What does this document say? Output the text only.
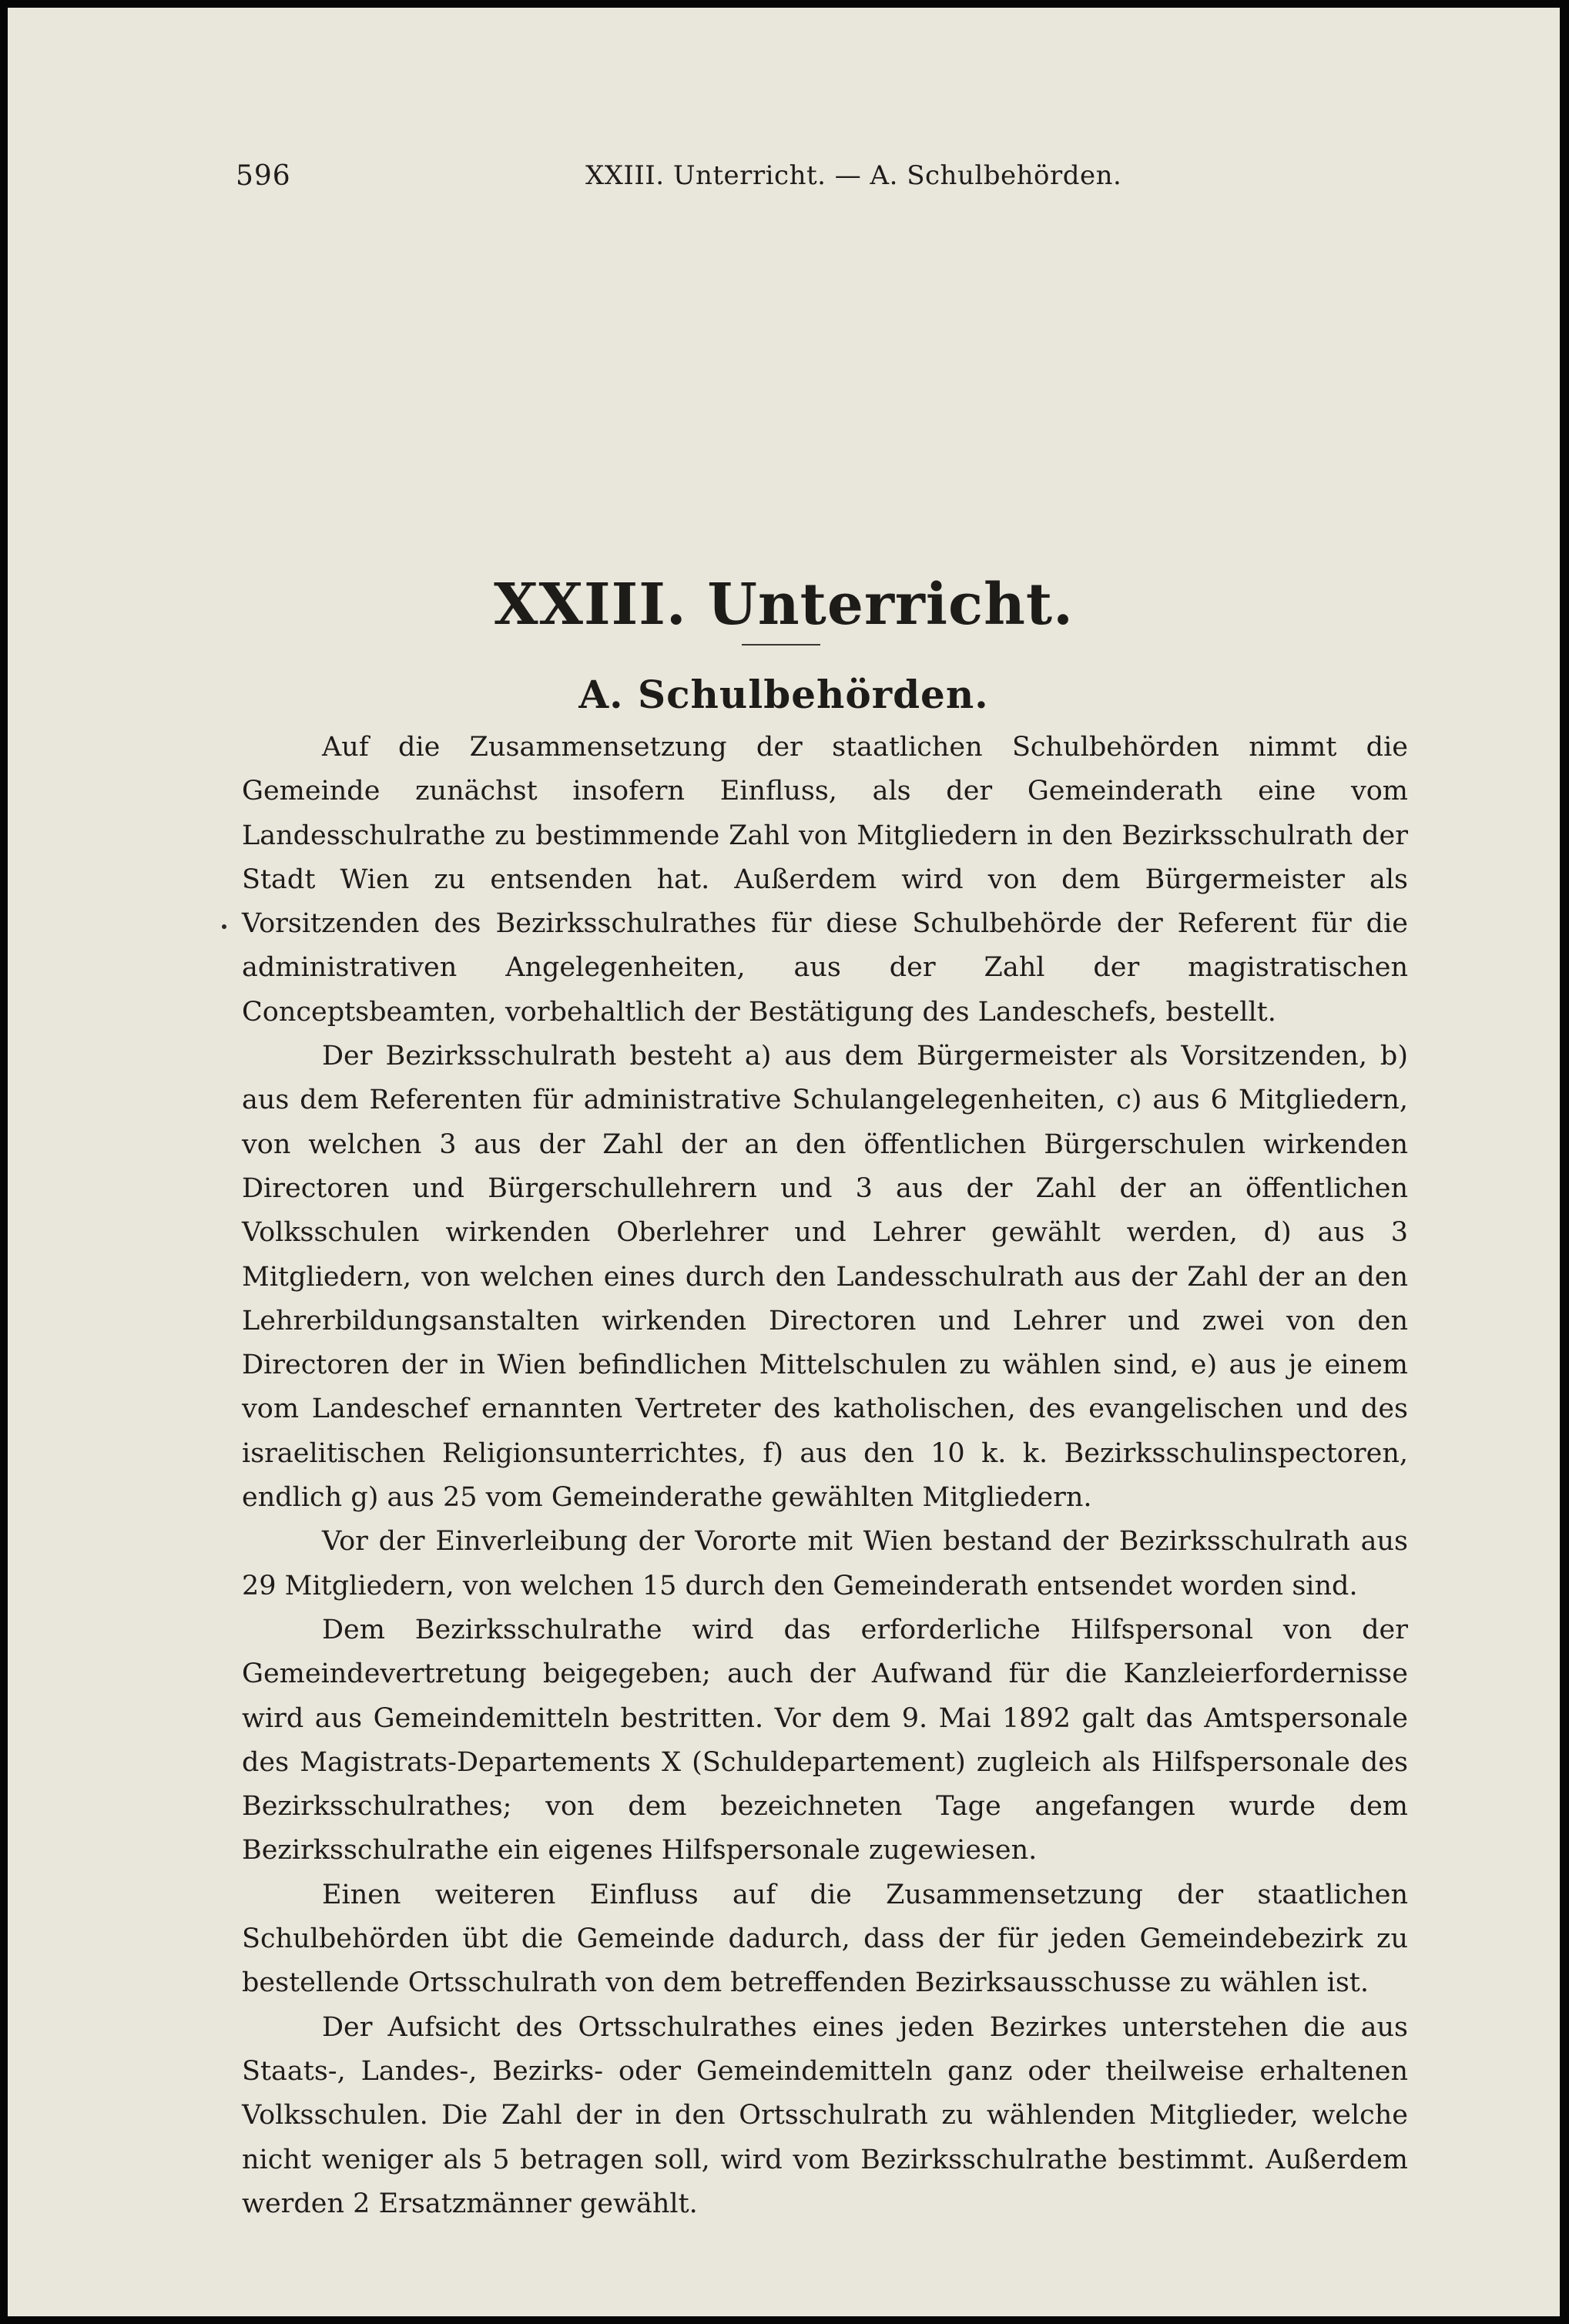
596	XXIII. Unterricht. — A. Schulbehörden.
XXIII. Unterricht.
A. Schulbehörden.

Auf die Zusammensetzung der staatlichen Schulbehörden nimmt die Gemeinde zunächst insofern Einfluss, als der Gemeinderath eine vom Landesschulrathe zu bestimmende Zahl von Mitgliedern in den Bezirksschulrath der Stadt Wien zu entsenden hat. Außerdem wird von dem Bürgermeister als Vorsitzenden des Bezirksschulrathes für diese Schulbehörde der Referent für die administrativen Angelegenheiten, aus der Zahl der magistratischen Conceptsbeamten, vorbehaltlich der Bestätigung des Landeschefs, bestellt.

Der Bezirksschulrath besteht a) aus dem Bürgermeister als Vorsitzenden, b) aus dem Referenten für administrative Schulangelegenheiten, c) aus 6 Mitgliedern, von welchen 3 aus der Zahl der an den öffentlichen Bürgerschulen wirkenden Directoren und Bürgerschullehrern und 3 aus der Zahl der an öffentlichen Volksschulen wirkenden Oberlehrer und Lehrer gewählt werden, d) aus 3 Mitgliedern, von welchen eines durch den Landesschulrath aus der Zahl der an den Lehrerbildungsanstalten wirkenden Directoren und Lehrer und zwei von den Directoren der in Wien befindlichen Mittelschulen zu wählen sind, e) aus je einem vom Landeschef ernannten Vertreter des katholischen, des evangelischen und des israelitischen Religionsunterrichtes, f) aus den 10 k. k. Bezirksschulinspectoren, endlich g) aus 25 vom Gemeinderathe gewählten Mitgliedern.

Vor der Einverleibung der Vororte mit Wien bestand der Bezirksschulrath aus 29 Mitgliedern, von welchen 15 durch den Gemeinderath entsendet worden sind.

Dem Bezirksschulrathe wird das erforderliche Hilfspersonal von der Gemeindevertretung beigegeben; auch der Aufwand für die Kanzleierfordernisse wird aus Gemeindemitteln bestritten. Vor dem 9. Mai 1892 galt das Amtspersonale des Magistrats-Departements X (Schuldepartement) zugleich als Hilfspersonale des Bezirksschulrathes; von dem bezeichneten Tage angefangen wurde dem Bezirksschulrathe ein eigenes Hilfspersonale zugewiesen.

Einen weiteren Einfluss auf die Zusammensetzung der staatlichen Schulbehörden übt die Gemeinde dadurch, dass der für jeden Gemeindebezirk zu bestellende Ortsschulrath von dem betreffenden Bezirksausschusse zu wählen ist.

Der Aufsicht des Ortsschulrathes eines jeden Bezirkes unterstehen die aus Staats-, Landes-, Bezirks- oder Gemeindemitteln ganz oder theilweise erhaltenen Volksschulen. Die Zahl der in den Ortsschulrath zu wählenden Mitglieder, welche nicht weniger als 5 betragen soll, wird vom Bezirksschulrathe bestimmt. Außerdem werden 2 Ersatzmänner gewählt.
